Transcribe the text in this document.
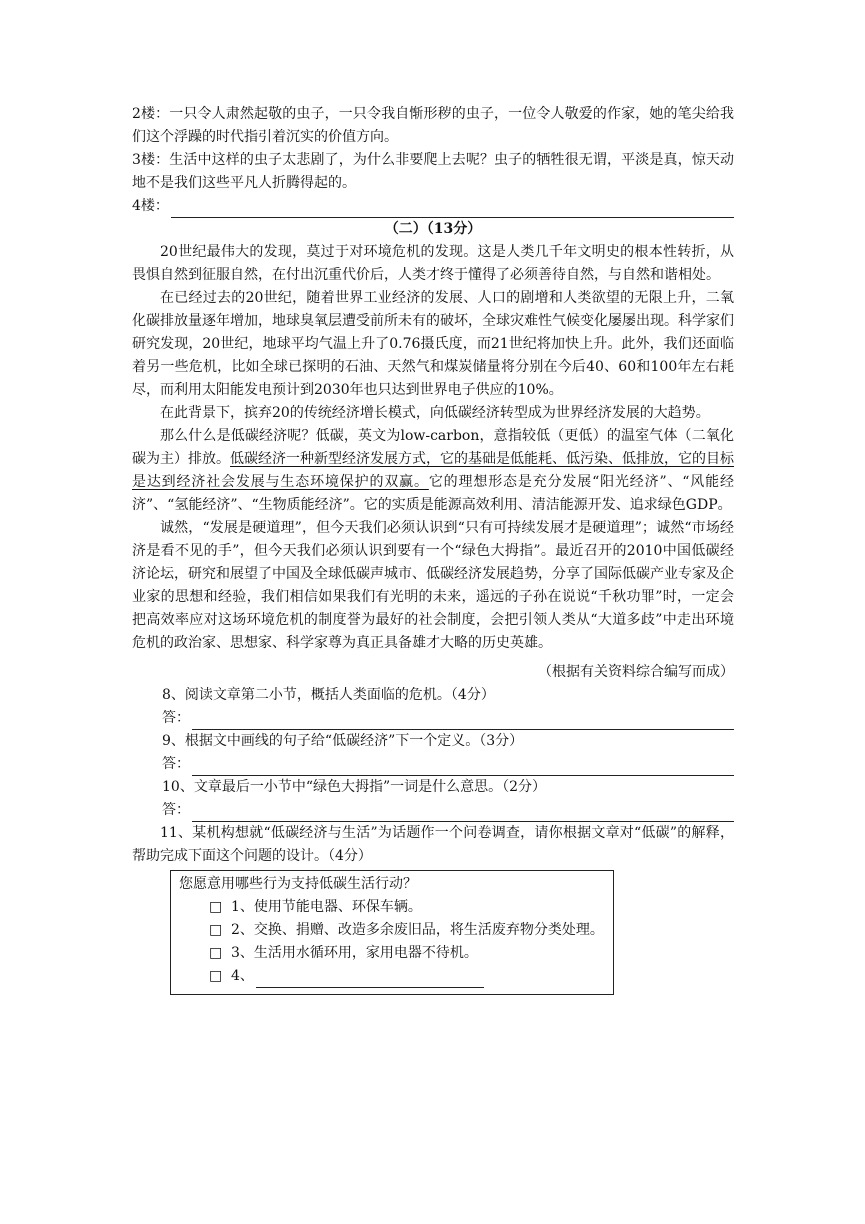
2楼：一只令人肃然起敬的虫子，一只令我自惭形秽的虫子，一位令人敬爱的作家，她的笔尖给我们这个浮躁的时代指引着沉实的价值方向。

3楼：生活中这样的虫子太悲剧了，为什么非要爬上去呢？虫子的牺牲很无谓，平淡是真，惊天动地不是我们这些平凡人折腾得起的。

4楼：

（二）（13分）

20世纪最伟大的发现，莫过于对环境危机的发现。这是人类几千年文明史的根本性转折，从畏惧自然到征服自然，在付出沉重代价后，人类才终于懂得了必须善待自然，与自然和谐相处。

在已经过去的20世纪，随着世界工业经济的发展、人口的剧增和人类欲望的无限上升，二氧化碳排放量逐年增加，地球臭氧层遭受前所未有的破坏，全球灾难性气候变化屡屡出现。科学家们研究发现，20世纪，地球平均气温上升了0.76摄氏度，而21世纪将加快上升。此外，我们还面临着另一些危机，比如全球已探明的石油、天然气和煤炭储量将分别在今后40、60和100年左右耗尽，而利用太阳能发电预计到2030年也只达到世界电子供应的10%。

在此背景下，摈弃20的传统经济增长模式，向低碳经济转型成为世界经济发展的大趋势。

那么什么是低碳经济呢？低碳，英文为low-carbon，意指较低（更低）的温室气体（二氧化碳为主）排放。低碳经济一种新型经济发展方式，它的基础是低能耗、低污染、低排放，它的目标是达到经济社会发展与生态环境保护的双赢。它的理想形态是充分发展“阳光经济”、“风能经济”、“氢能经济”、“生物质能经济”。它的实质是能源高效利用、清洁能源开发、追求绿色GDP。

诚然，“发展是硬道理”，但今天我们必须认识到“只有可持续发展才是硬道理”；诚然“市场经济是看不见的手”，但今天我们必须认识到要有一个“绿色大拇指”。最近召开的2010中国低碳经济论坛，研究和展望了中国及全球低碳声城市、低碳经济发展趋势，分享了国际低碳产业专家及企业家的思想和经验，我们相信如果我们有光明的未来，遥远的子孙在说说“千秋功罪”时，一定会把高效率应对这场环境危机的制度誉为最好的社会制度，会把引领人类从“大道多歧”中走出环境危机的政治家、思想家、科学家尊为真正具备雄才大略的历史英雄。

（根据有关资料综合编写而成）

8、阅读文章第二小节，概括人类面临的危机。（4分）

答：

9、根据文中画线的句子给“低碳经济”下一个定义。（3分）

答：

10、文章最后一小节中“绿色大拇指”一词是什么意思。（2分）

答：

11、某机构想就“低碳经济与生活”为话题作一个问卷调查，请你根据文章对“低碳”的解释，帮助完成下面这个问题的设计。（4分）

您愿意用哪些行为支持低碳生活行动？
□ 1、使用节能电器、环保车辆。
□ 2、交换、捐赠、改造多余废旧品，将生活废弃物分类处理。
□ 3、生活用水循环用，家用电器不待机。
□ 4、
